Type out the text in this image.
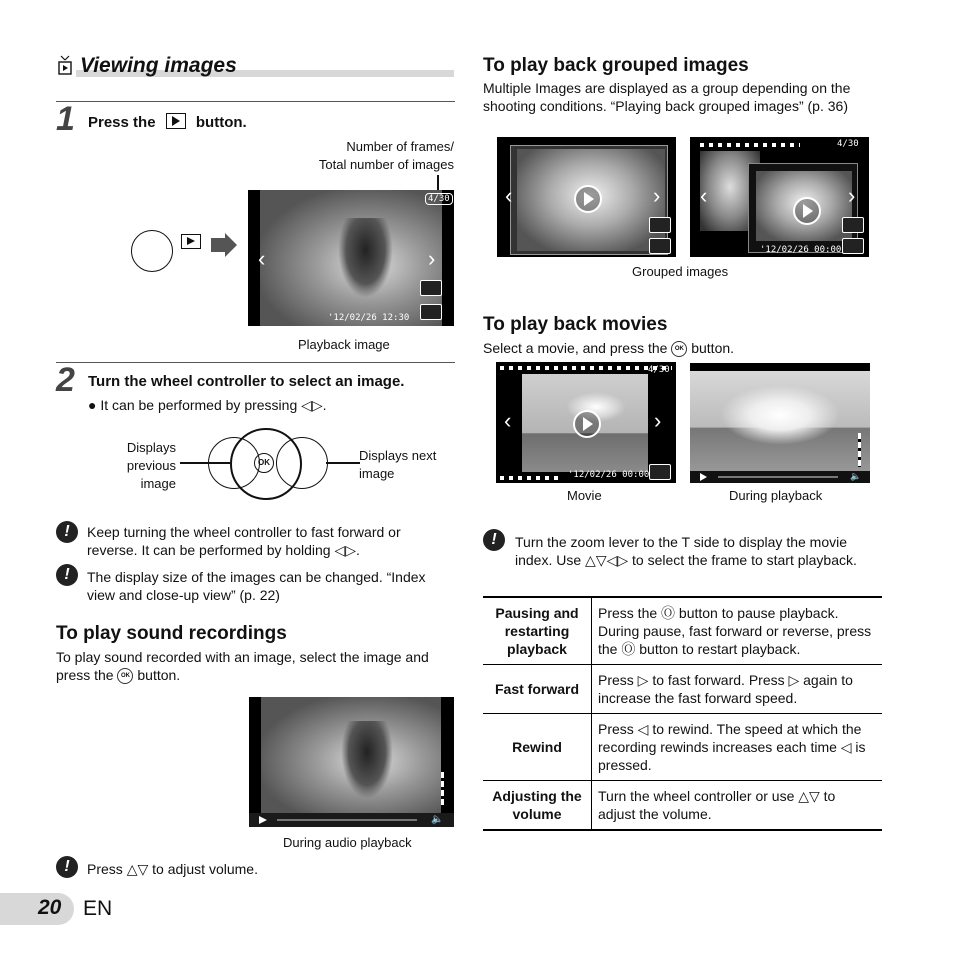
Viewing images
1 Press the	button.
Number of frames/
Total number of images
4/30
‹	›
'12/02/26 12:30
Playback image
2 Turn the wheel controller to select an image.
● It can be performed by pressing ◁▷.
Displays previous image
OK	Displays next image
!	Keep turning the wheel controller to fast forward or reverse. It can be performed by holding ◁▷.
!	The display size of the images can be changed. “Index view and close-up view” (p. 22)
To play sound recordings
To play sound recorded with an image, select the image and press the OK button.
🔈
During audio playback
!	Press △▽ to adjust volume.
20 EN
To play back grouped images
Multiple Images are displayed as a group depending on the shooting conditions. “Playing back grouped images” (p. 36)
‹	›
4/30
‹	›
'12/02/26 00:00
Grouped images
To play back movies
Select a movie, and press the OK button.
4/30
‹	›
'12/02/26 00:00	🔈
Movie	During playback
!	Turn the zoom lever to the T side to display the movie index. Use △▽◁▷ to select the frame to start playback.
Pausing and restarting playback	Press the Ⓞ button to pause playback. During pause, fast forward or reverse, press the Ⓞ button to restart playback.
Fast forward	Press ▷ to fast forward. Press ▷ again to increase the fast forward speed.
Rewind	Press ◁ to rewind. The speed at which the recording rewinds increases each time ◁ is pressed.
Adjusting the volume	Turn the wheel controller or use △▽ to adjust the volume.
